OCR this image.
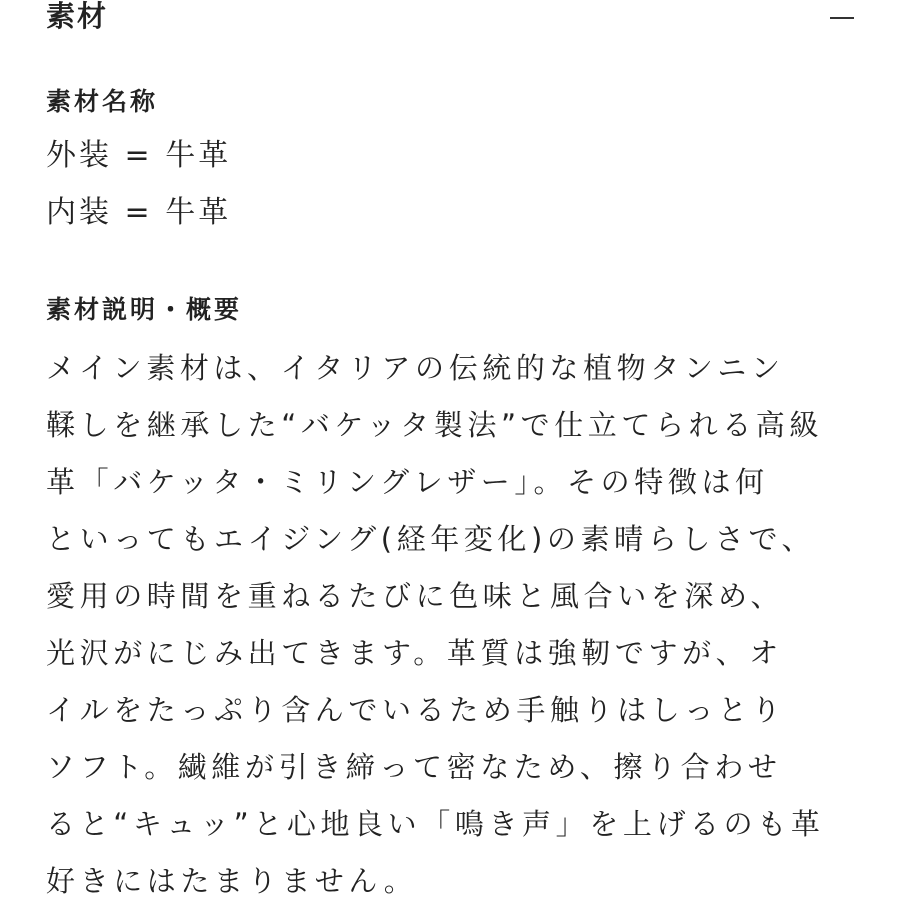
素材
素材名称
外装 = 牛革
内装 = 牛革
素材説明・概要
メイン素材は、イタリアの伝統的な植物タンニン
鞣しを継承した“バケッタ製法”で仕立てられる高級
革「バケッタ・ミリングレザー」。その特徴は何
といってもエイジング(経年変化)の素晴らしさで、
愛用の時間を重ねるたびに色味と風合いを深め、
光沢がにじみ出てきます。革質は強靭ですが、オ
イルをたっぷり含んでいるため手触りはしっとり
ソフト。繊維が引き締って密なため、擦り合わせ
ると“キュッ”と心地良い「鳴き声」を上げるのも革
好きにはたまりません。
